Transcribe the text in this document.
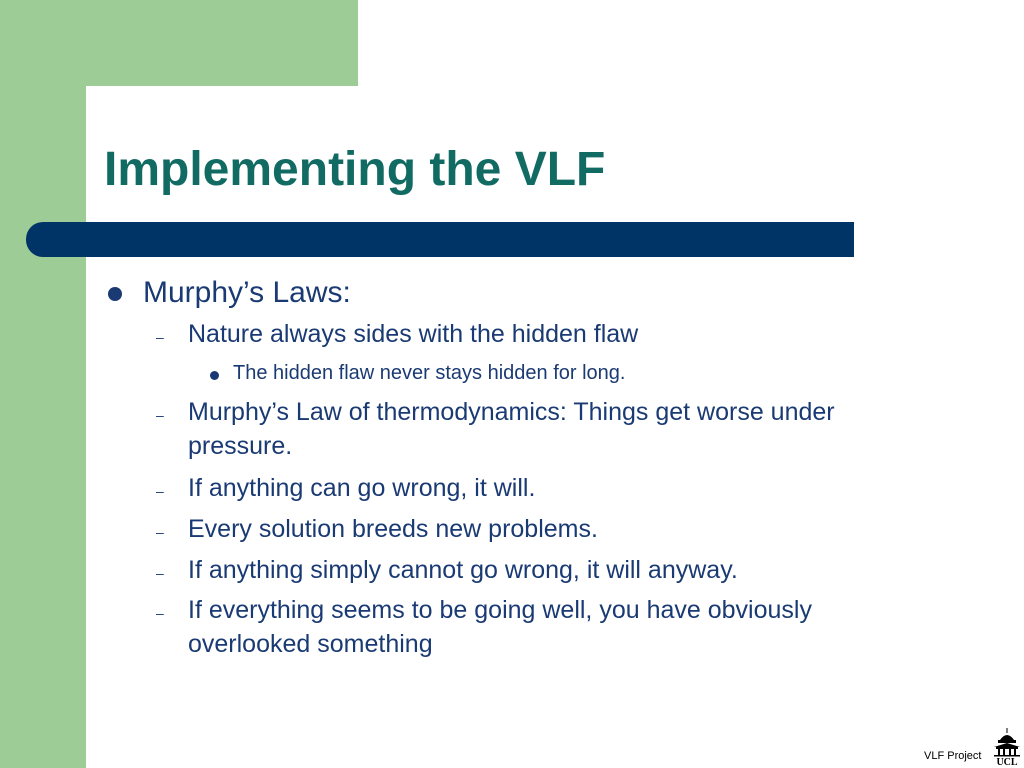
Implementing the VLF
Murphy’s Laws:
– Nature always sides with the hidden flaw
The hidden flaw never stays hidden for long.
– Murphy’s Law of thermodynamics: Things get worse under
pressure.
– If anything can go wrong, it will.
– Every solution breeds new problems.
– If anything simply cannot go wrong, it will anyway.
– If everything seems to be going well, you have obviously
overlooked something
VLF Project
UCL
